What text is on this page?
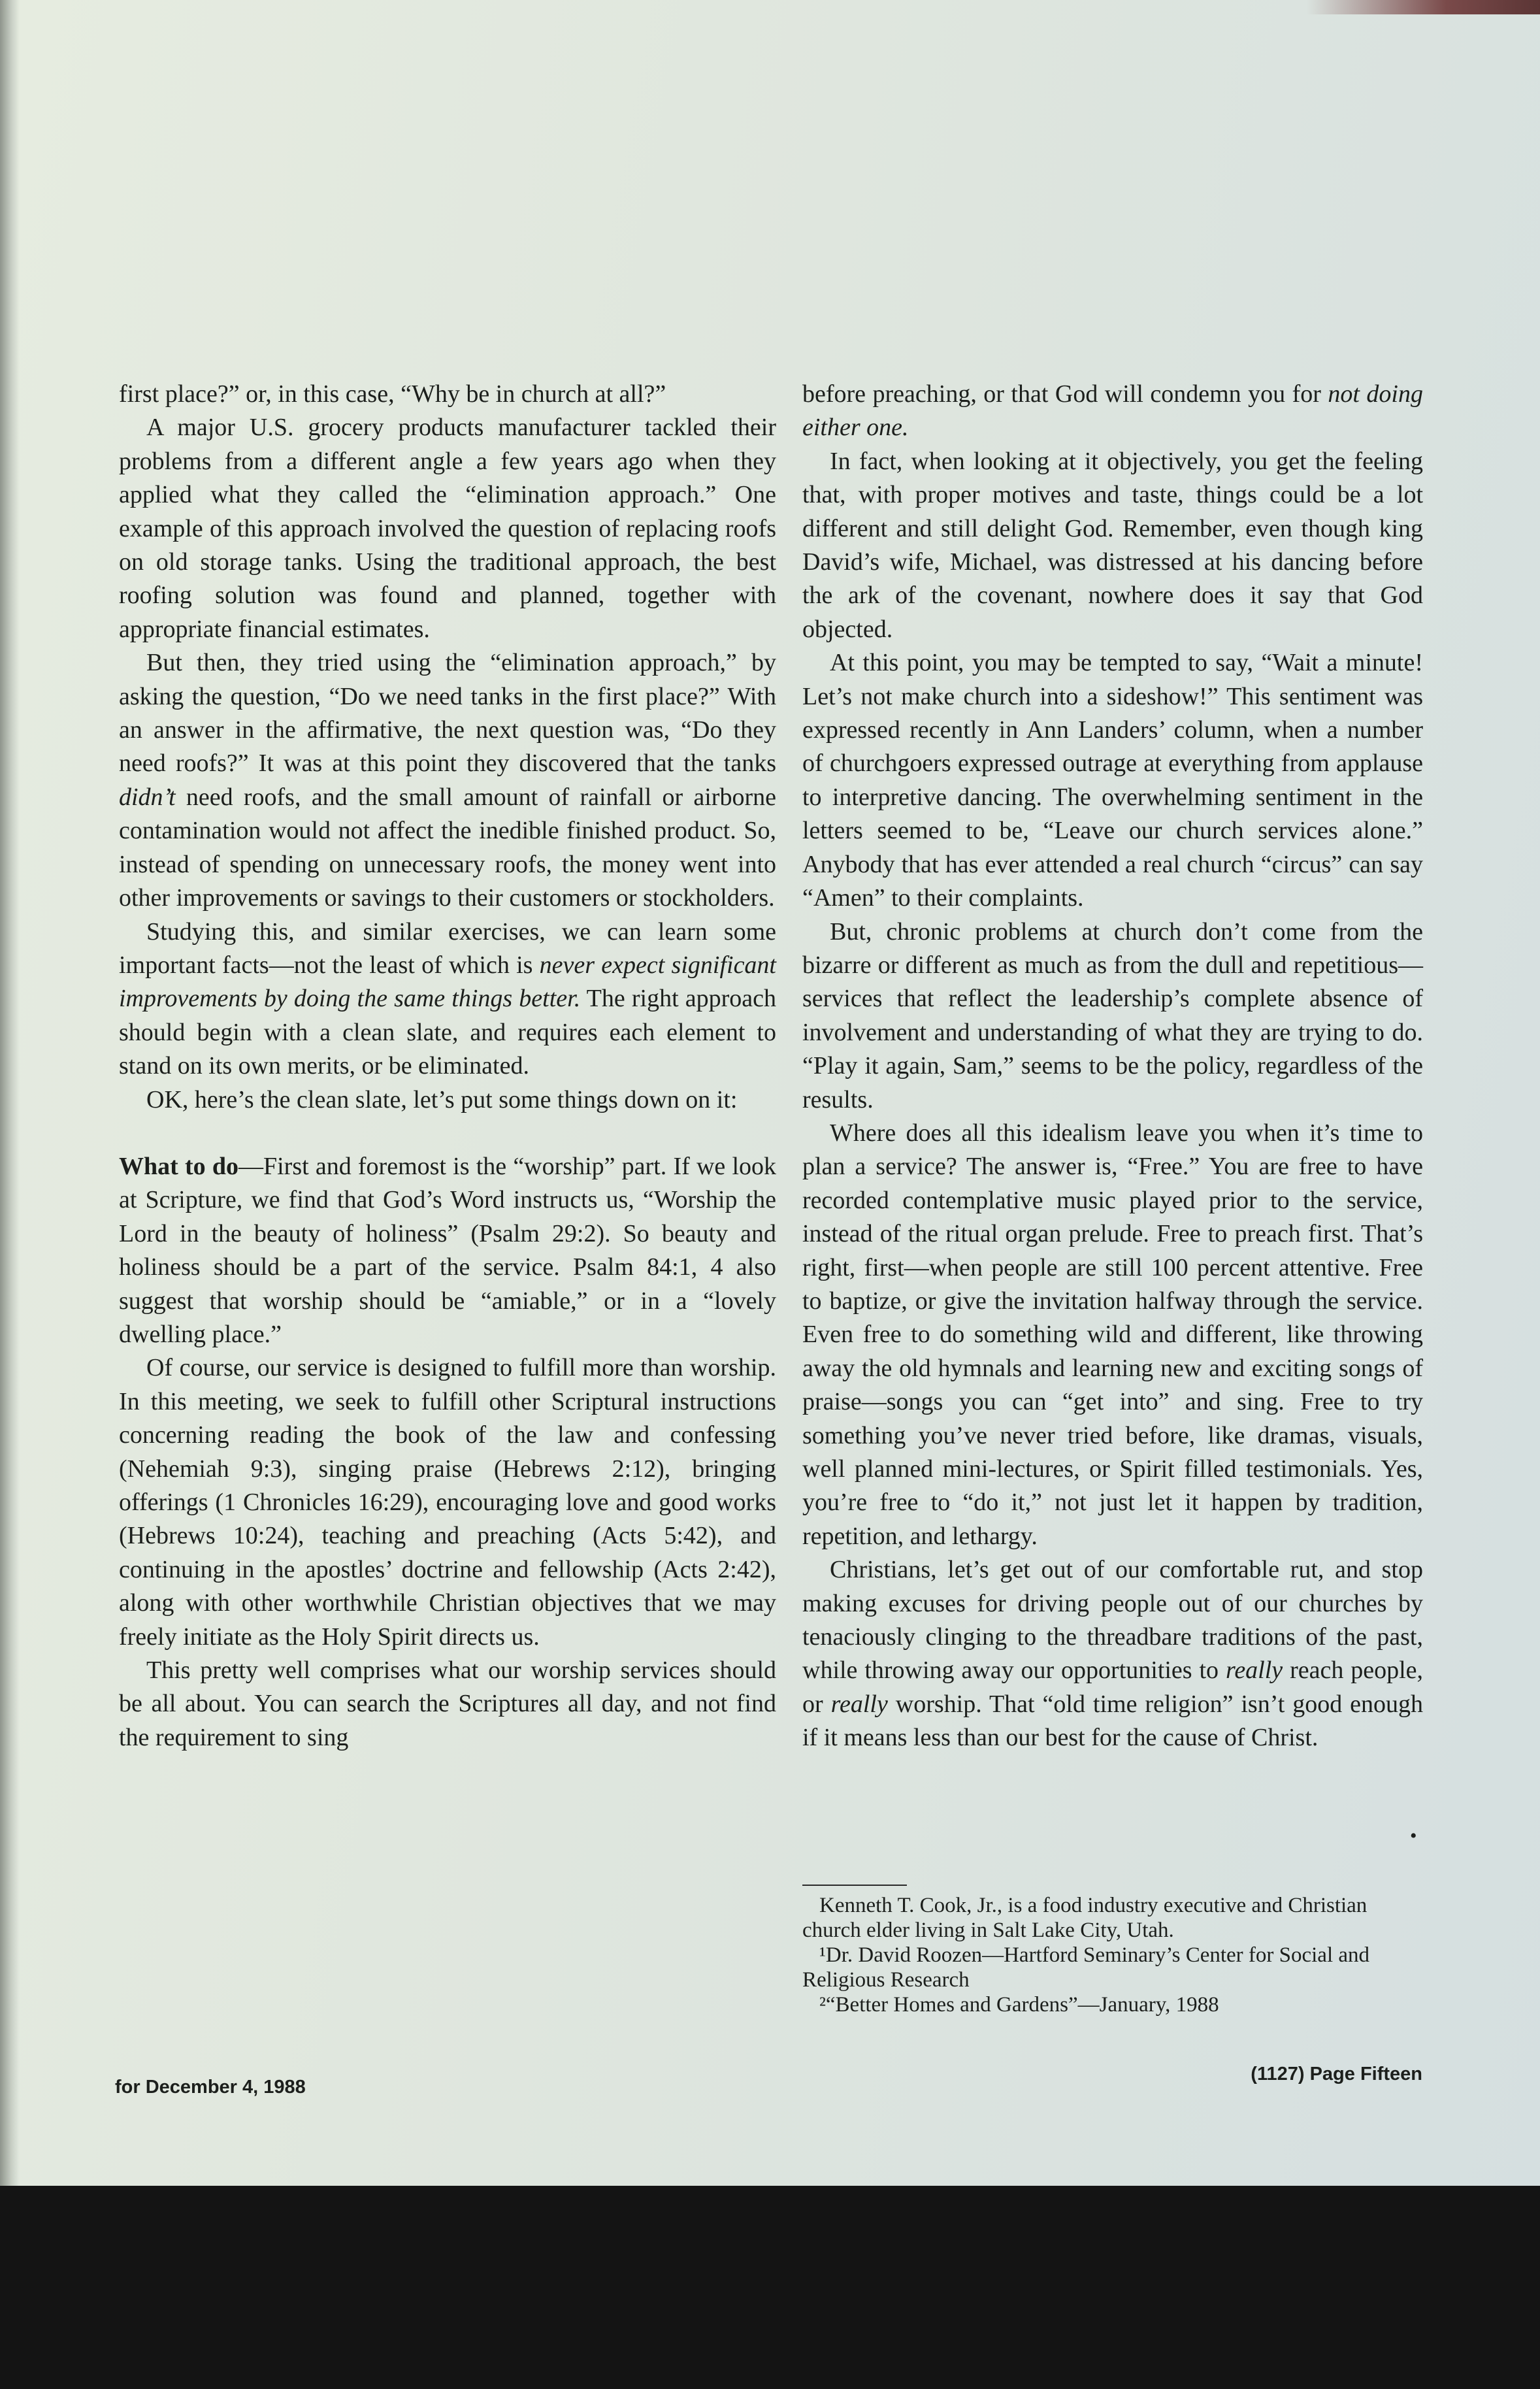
first place?” or, in this case, “Why be in church at all?”

A major U.S. grocery products manufacturer tackled their problems from a different angle a few years ago when they applied what they called the “elimination approach.” One example of this approach involved the question of replacing roofs on old storage tanks. Using the traditional approach, the best roofing solution was found and planned, together with appropriate financial estimates.

But then, they tried using the “elimination approach,” by asking the question, “Do we need tanks in the first place?” With an answer in the affirmative, the next question was, “Do they need roofs?” It was at this point they discovered that the tanks didn’t need roofs, and the small amount of rainfall or airborne contamination would not affect the inedible finished product. So, instead of spending on unnecessary roofs, the money went into other improvements or savings to their customers or stockholders.

Studying this, and similar exercises, we can learn some important facts—not the least of which is never expect significant improvements by doing the same things better. The right approach should begin with a clean slate, and requires each element to stand on its own merits, or be eliminated.

OK, here’s the clean slate, let’s put some things down on it:

What to do—First and foremost is the “worship” part. If we look at Scripture, we find that God’s Word instructs us, “Worship the Lord in the beauty of holiness” (Psalm 29:2). So beauty and holiness should be a part of the service. Psalm 84:1, 4 also suggest that worship should be “amiable,” or in a “lovely dwelling place.”

Of course, our service is designed to fulfill more than worship. In this meeting, we seek to fulfill other Scriptural instructions concerning reading the book of the law and confessing (Nehemiah 9:3), singing praise (Hebrews 2:12), bringing offerings (1 Chronicles 16:29), encouraging love and good works (Hebrews 10:24), teaching and preaching (Acts 5:42), and continuing in the apostles’ doctrine and fellowship (Acts 2:42), along with other worthwhile Christian objectives that we may freely initiate as the Holy Spirit directs us.

This pretty well comprises what our worship services should be all about. You can search the Scriptures all day, and not find the requirement to sing

before preaching, or that God will condemn you for not doing either one.

In fact, when looking at it objectively, you get the feeling that, with proper motives and taste, things could be a lot different and still delight God. Remember, even though king David’s wife, Michael, was distressed at his dancing before the ark of the covenant, nowhere does it say that God objected.

At this point, you may be tempted to say, “Wait a minute! Let’s not make church into a sideshow!” This sentiment was expressed recently in Ann Landers’ column, when a number of churchgoers expressed outrage at everything from applause to interpretive dancing. The overwhelming sentiment in the letters seemed to be, “Leave our church services alone.” Anybody that has ever attended a real church “circus” can say “Amen” to their complaints.

But, chronic problems at church don’t come from the bizarre or different as much as from the dull and repetitious—services that reflect the leadership’s complete absence of involvement and understanding of what they are trying to do. “Play it again, Sam,” seems to be the policy, regardless of the results.

Where does all this idealism leave you when it’s time to plan a service? The answer is, “Free.” You are free to have recorded contemplative music played prior to the service, instead of the ritual organ prelude. Free to preach first. That’s right, first—when people are still 100 percent attentive. Free to baptize, or give the invitation halfway through the service. Even free to do something wild and different, like throwing away the old hymnals and learning new and exciting songs of praise—songs you can “get into” and sing. Free to try something you’ve never tried before, like dramas, visuals, well planned mini-lectures, or Spirit filled testimonials. Yes, you’re free to “do it,” not just let it happen by tradition, repetition, and lethargy.

Christians, let’s get out of our comfortable rut, and stop making excuses for driving people out of our churches by tenaciously clinging to the threadbare traditions of the past, while throwing away our opportunities to really reach people, or really worship. That “old time religion” isn’t good enough if it means less than our best for the cause of Christ.

•

Kenneth T. Cook, Jr., is a food industry executive and Christian church elder living in Salt Lake City, Utah.

¹Dr. David Roozen—Hartford Seminary’s Center for Social and Religious Research

²“Better Homes and Gardens”—January, 1988

for December 4, 1988
(1127) Page Fifteen
